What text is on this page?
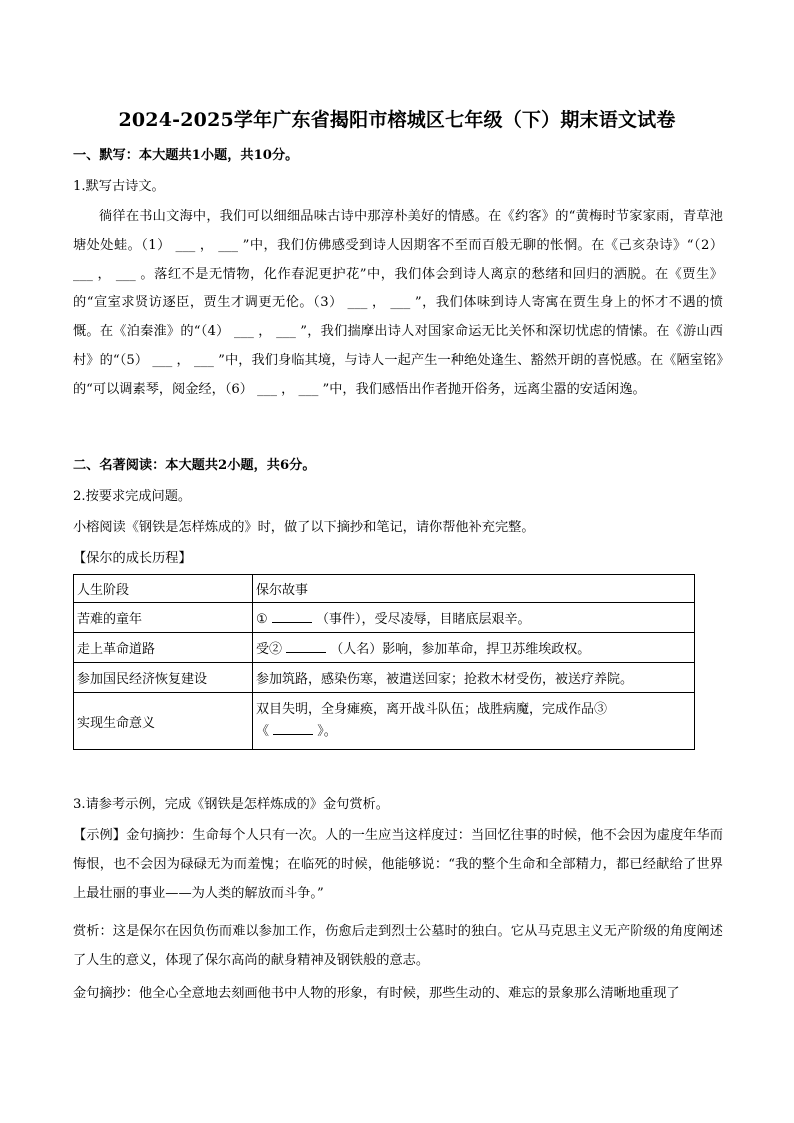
2024-2025学年广东省揭阳市榕城区七年级（下）期末语文试卷
一、默写：本大题共1小题，共10分。
1.默写古诗文。

徜徉在书山文海中，我们可以细细品味古诗中那淳朴美好的情感。在《约客》的“黄梅时节家家雨，青草池塘处处蛙。（1） ___ ， ___ ”中，我们仿佛感受到诗人因期客不至而百般无聊的怅惘。在《己亥杂诗》“（2） ___ ， ___ 。落红不是无情物，化作春泥更护花”中，我们体会到诗人离京的愁绪和回归的洒脱。在《贾生》的“宣室求贤访逐臣，贾生才调更无伦。（3） ___ ， ___ ”，我们体味到诗人寄寓在贾生身上的怀才不遇的愤慨。在《泊秦淮》的“（4） ___ ， ___ ”，我们揣摩出诗人对国家命运无比关怀和深切忧虑的情愫。在《游山西村》的“（5） ___ ， ___ ”中，我们身临其境，与诗人一起产生一种绝处逢生、豁然开朗的喜悦感。在《陋室铭》的“可以调素琴，阅金经，（6） ___ ， ___ ”中，我们感悟出作者抛开俗务，远离尘嚣的安适闲逸。

二、名著阅读：本大题共2小题，共6分。
2.按要求完成问题。
小榕阅读《钢铁是怎样炼成的》时，做了以下摘抄和笔记，请你帮他补充完整。
【保尔的成长历程】
人生阶段	保尔故事
苦难的童年	① （事件），受尽凌辱，目睹底层艰辛。
走上革命道路	受② （人名）影响，参加革命，捍卫苏维埃政权。
参加国民经济恢复建设	参加筑路，感染伤寒，被遣送回家；抢救木材受伤，被送疗养院。
实现生命意义	双目失明，全身瘫痪，离开战斗队伍；战胜病魔，完成作品③
《 》。
3.请参考示例，完成《钢铁是怎样炼成的》金句赏析。

【示例】金句摘抄：生命每个人只有一次。人的一生应当这样度过：当回忆往事的时候，他不会因为虚度年华而悔恨，也不会因为碌碌无为而羞愧；在临死的时候，他能够说：“我的整个生命和全部精力，都已经献给了世界上最壮丽的事业——为人类的解放而斗争。”

赏析：这是保尔在因负伤而难以参加工作，伤愈后走到烈士公墓时的独白。它从马克思主义无产阶级的角度阐述了人生的意义，体现了保尔高尚的献身精神及钢铁般的意志。

金句摘抄：他全心全意地去刻画他书中人物的形象，有时候，那些生动的、难忘的景象那么清晰地重现了
